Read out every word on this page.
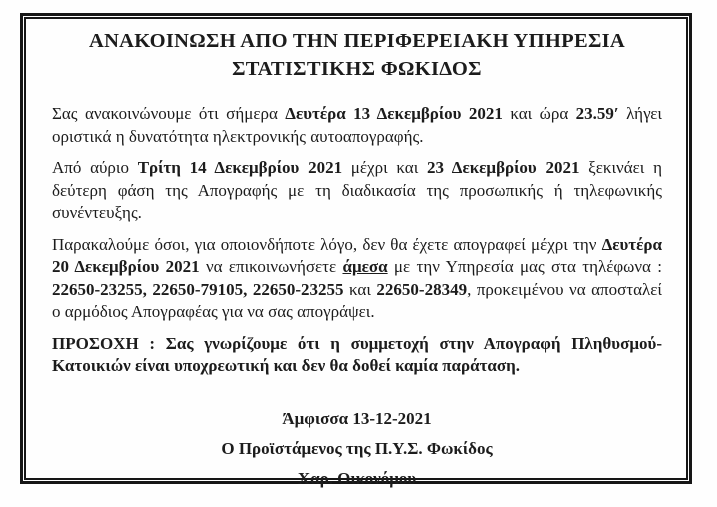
ΑΝΑΚΟΙΝΩΣΗ ΑΠΟ ΤΗΝ ΠΕΡΙΦΕΡΕΙΑΚΗ ΥΠΗΡΕΣΙΑ
ΣΤΑΤΙΣΤΙΚΗΣ ΦΩΚΙΔΟΣ

Σας ανακοινώνουμε ότι σήμερα Δευτέρα 13 Δεκεμβρίου 2021 και ώρα 23.59′ λήγει οριστικά η δυνατότητα ηλεκτρονικής αυτοαπογραφής.

Από αύριο Τρίτη 14 Δεκεμβρίου 2021 μέχρι και 23 Δεκεμβρίου 2021 ξεκινάει η δεύτερη φάση της Απογραφής με τη διαδικασία της προσωπικής ή τηλεφωνικής συνέντευξης.

Παρακαλούμε όσοι, για οποιονδήποτε λόγο, δεν θα έχετε απογραφεί μέχρι την Δευτέρα 20 Δεκεμβρίου 2021 να επικοινωνήσετε άμεσα με την Υπηρεσία μας στα τηλέφωνα : 22650-23255, 22650-79105, 22650-23255 και 22650-28349, προκειμένου να αποσταλεί ο αρμόδιος Απογραφέας για να σας απογράψει.

ΠΡΟΣΟΧΗ : Σας γνωρίζουμε ότι η συμμετοχή στην Απογραφή Πληθυσμού-Κατοικιών είναι υποχρεωτική και δεν θα δοθεί καμία παράταση.

Άμφισσα 13-12-2021
Ο Προϊστάμενος της Π.Υ.Σ. Φωκίδος
Χαρ. Οικονόμου
